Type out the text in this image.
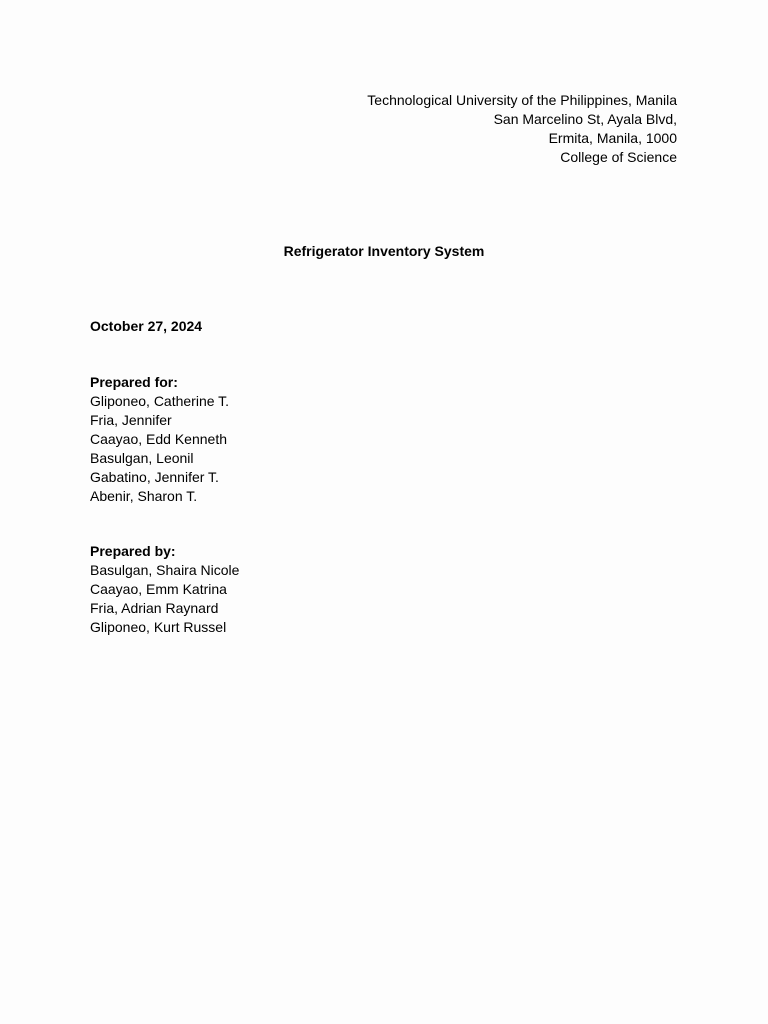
Technological University of the Philippines, Manila
San Marcelino St, Ayala Blvd,
Ermita, Manila, 1000
College of Science
Refrigerator Inventory System
October 27, 2024
Prepared for:
Gliponeo, Catherine T.
Fria, Jennifer
Caayao, Edd Kenneth
Basulgan, Leonil
Gabatino, Jennifer T.
Abenir, Sharon T.
Prepared by:
Basulgan, Shaira Nicole
Caayao, Emm Katrina
Fria, Adrian Raynard
Gliponeo, Kurt Russel
